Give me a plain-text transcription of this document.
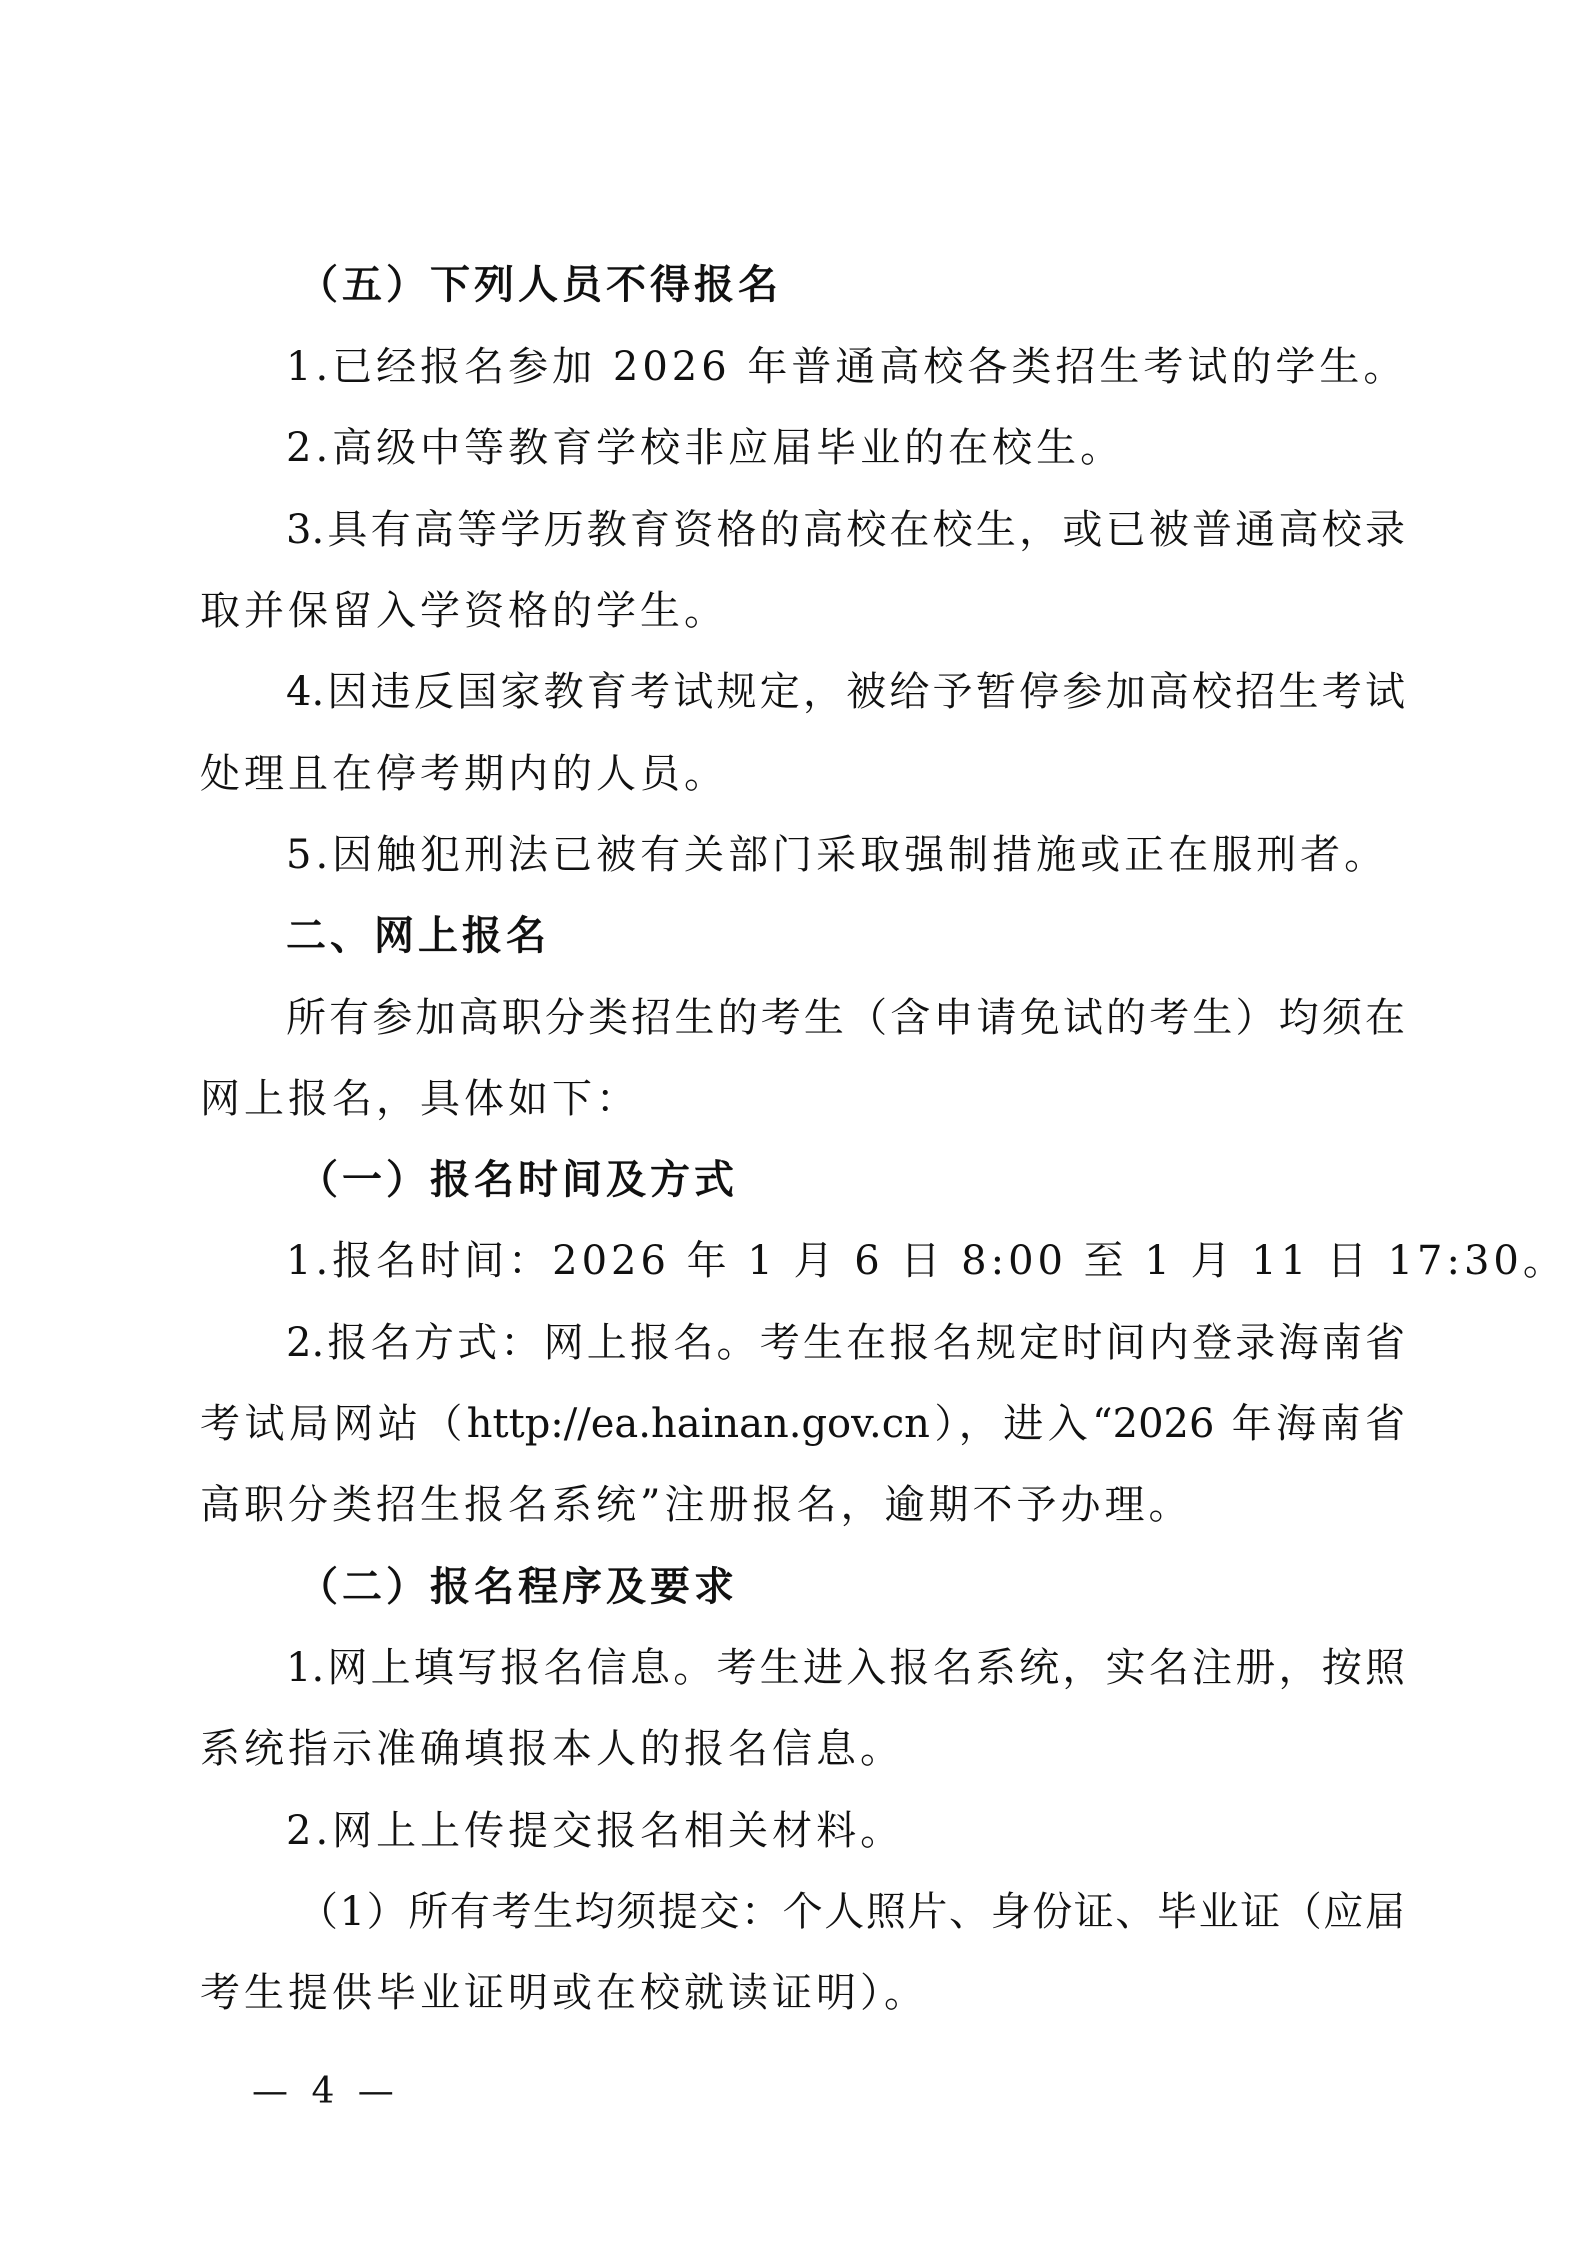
（五）下列人员不得报名
1.已经报名参加 2026 年普通高校各类招生考试的学生。
2.高级中等教育学校非应届毕业的在校生。
3.具有高等学历教育资格的高校在校生，或已被普通高校录
取并保留入学资格的学生。
4.因违反国家教育考试规定，被给予暂停参加高校招生考试
处理且在停考期内的人员。
5.因触犯刑法已被有关部门采取强制措施或正在服刑者。
二、网上报名
所有参加高职分类招生的考生（含申请免试的考生）均须在
网上报名，具体如下：
（一）报名时间及方式
1.报名时间：2026 年 1 月 6 日 8:00 至 1 月 11 日 17:30。
2.报名方式：网上报名。考生在报名规定时间内登录海南省
考试局网站（http://ea.hainan.gov.cn），进入“2026 年海南省
高职分类招生报名系统”注册报名，逾期不予办理。
（二）报名程序及要求
1.网上填写报名信息。考生进入报名系统，实名注册，按照
系统指示准确填报本人的报名信息。
2.网上上传提交报名相关材料。
（1）所有考生均须提交：个人照片、身份证、毕业证（应届
考生提供毕业证明或在校就读证明）。
— 4 —
